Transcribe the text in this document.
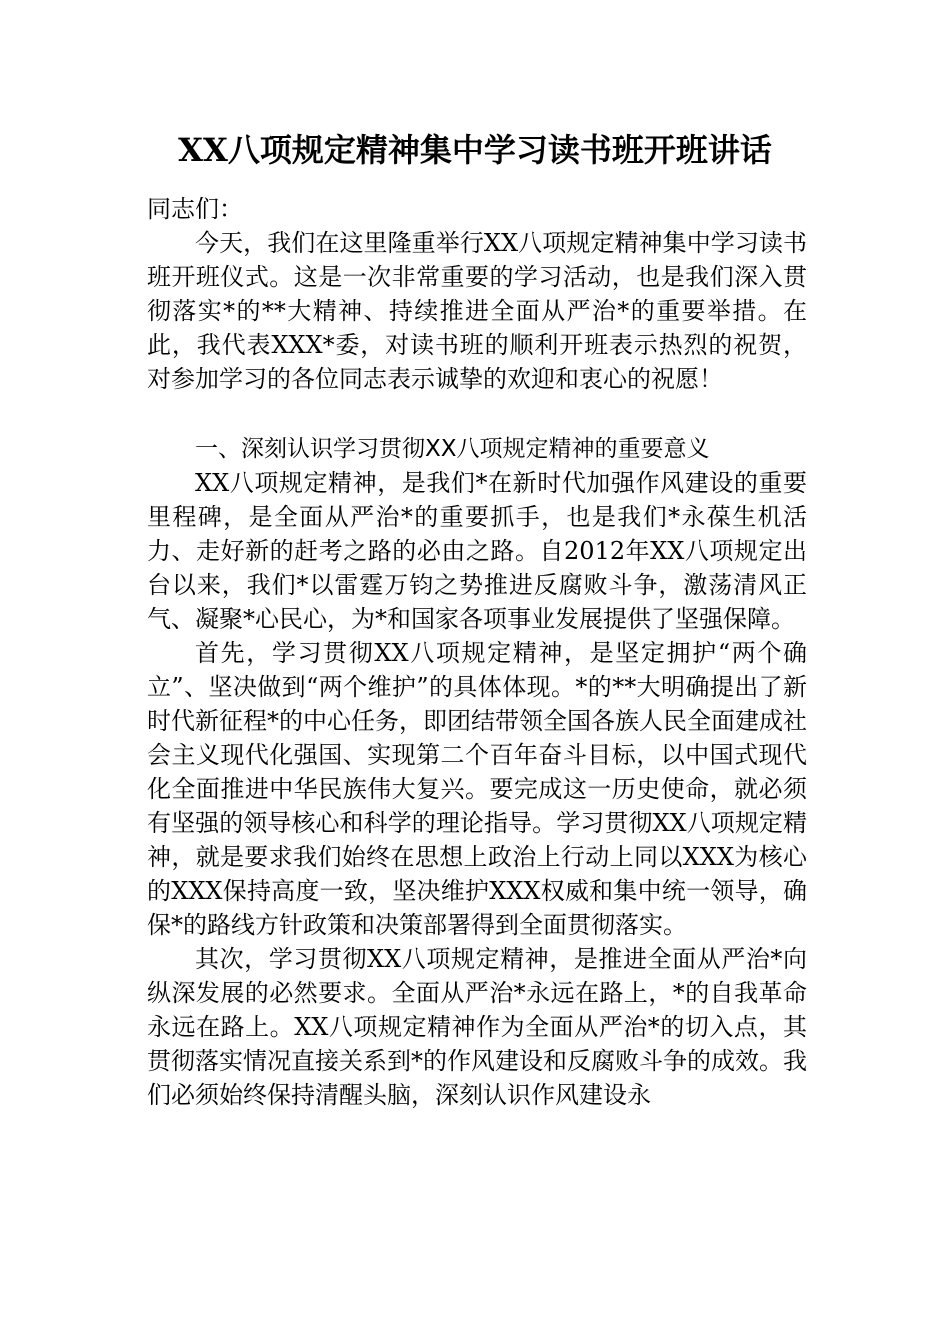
XX八项规定精神集中学习读书班开班讲话

同志们：

今天，我们在这里隆重举行XX八项规定精神集中学习读书班开班仪式。这是一次非常重要的学习活动，也是我们深入贯彻落实*的**大精神、持续推进全面从严治*的重要举措。在此，我代表XXX*委，对读书班的顺利开班表示热烈的祝贺，对参加学习的各位同志表示诚挚的欢迎和衷心的祝愿！

一、深刻认识学习贯彻XX八项规定精神的重要意义

XX八项规定精神，是我们*在新时代加强作风建设的重要里程碑，是全面从严治*的重要抓手，也是我们*永葆生机活力、走好新的赶考之路的必由之路。自2012年XX八项规定出台以来，我们*以雷霆万钧之势推进反腐败斗争，激荡清风正气、凝聚*心民心，为*和国家各项事业发展提供了坚强保障。

首先，学习贯彻XX八项规定精神，是坚定拥护“两个确立”、坚决做到“两个维护”的具体体现。*的**大明确提出了新时代新征程*的中心任务，即团结带领全国各族人民全面建成社会主义现代化强国、实现第二个百年奋斗目标，以中国式现代化全面推进中华民族伟大复兴。要完成这一历史使命，就必须有坚强的领导核心和科学的理论指导。学习贯彻XX八项规定精神，就是要求我们始终在思想上政治上行动上同以XXX为核心的XXX保持高度一致，坚决维护XXX权威和集中统一领导，确保*的路线方针政策和决策部署得到全面贯彻落实。

其次，学习贯彻XX八项规定精神，是推进全面从严治*向纵深发展的必然要求。全面从严治*永远在路上，*的自我革命永远在路上。XX八项规定精神作为全面从严治*的切入点，其贯彻落实情况直接关系到*的作风建设和反腐败斗争的成效。我们必须始终保持清醒头脑，深刻认识作风建设永
